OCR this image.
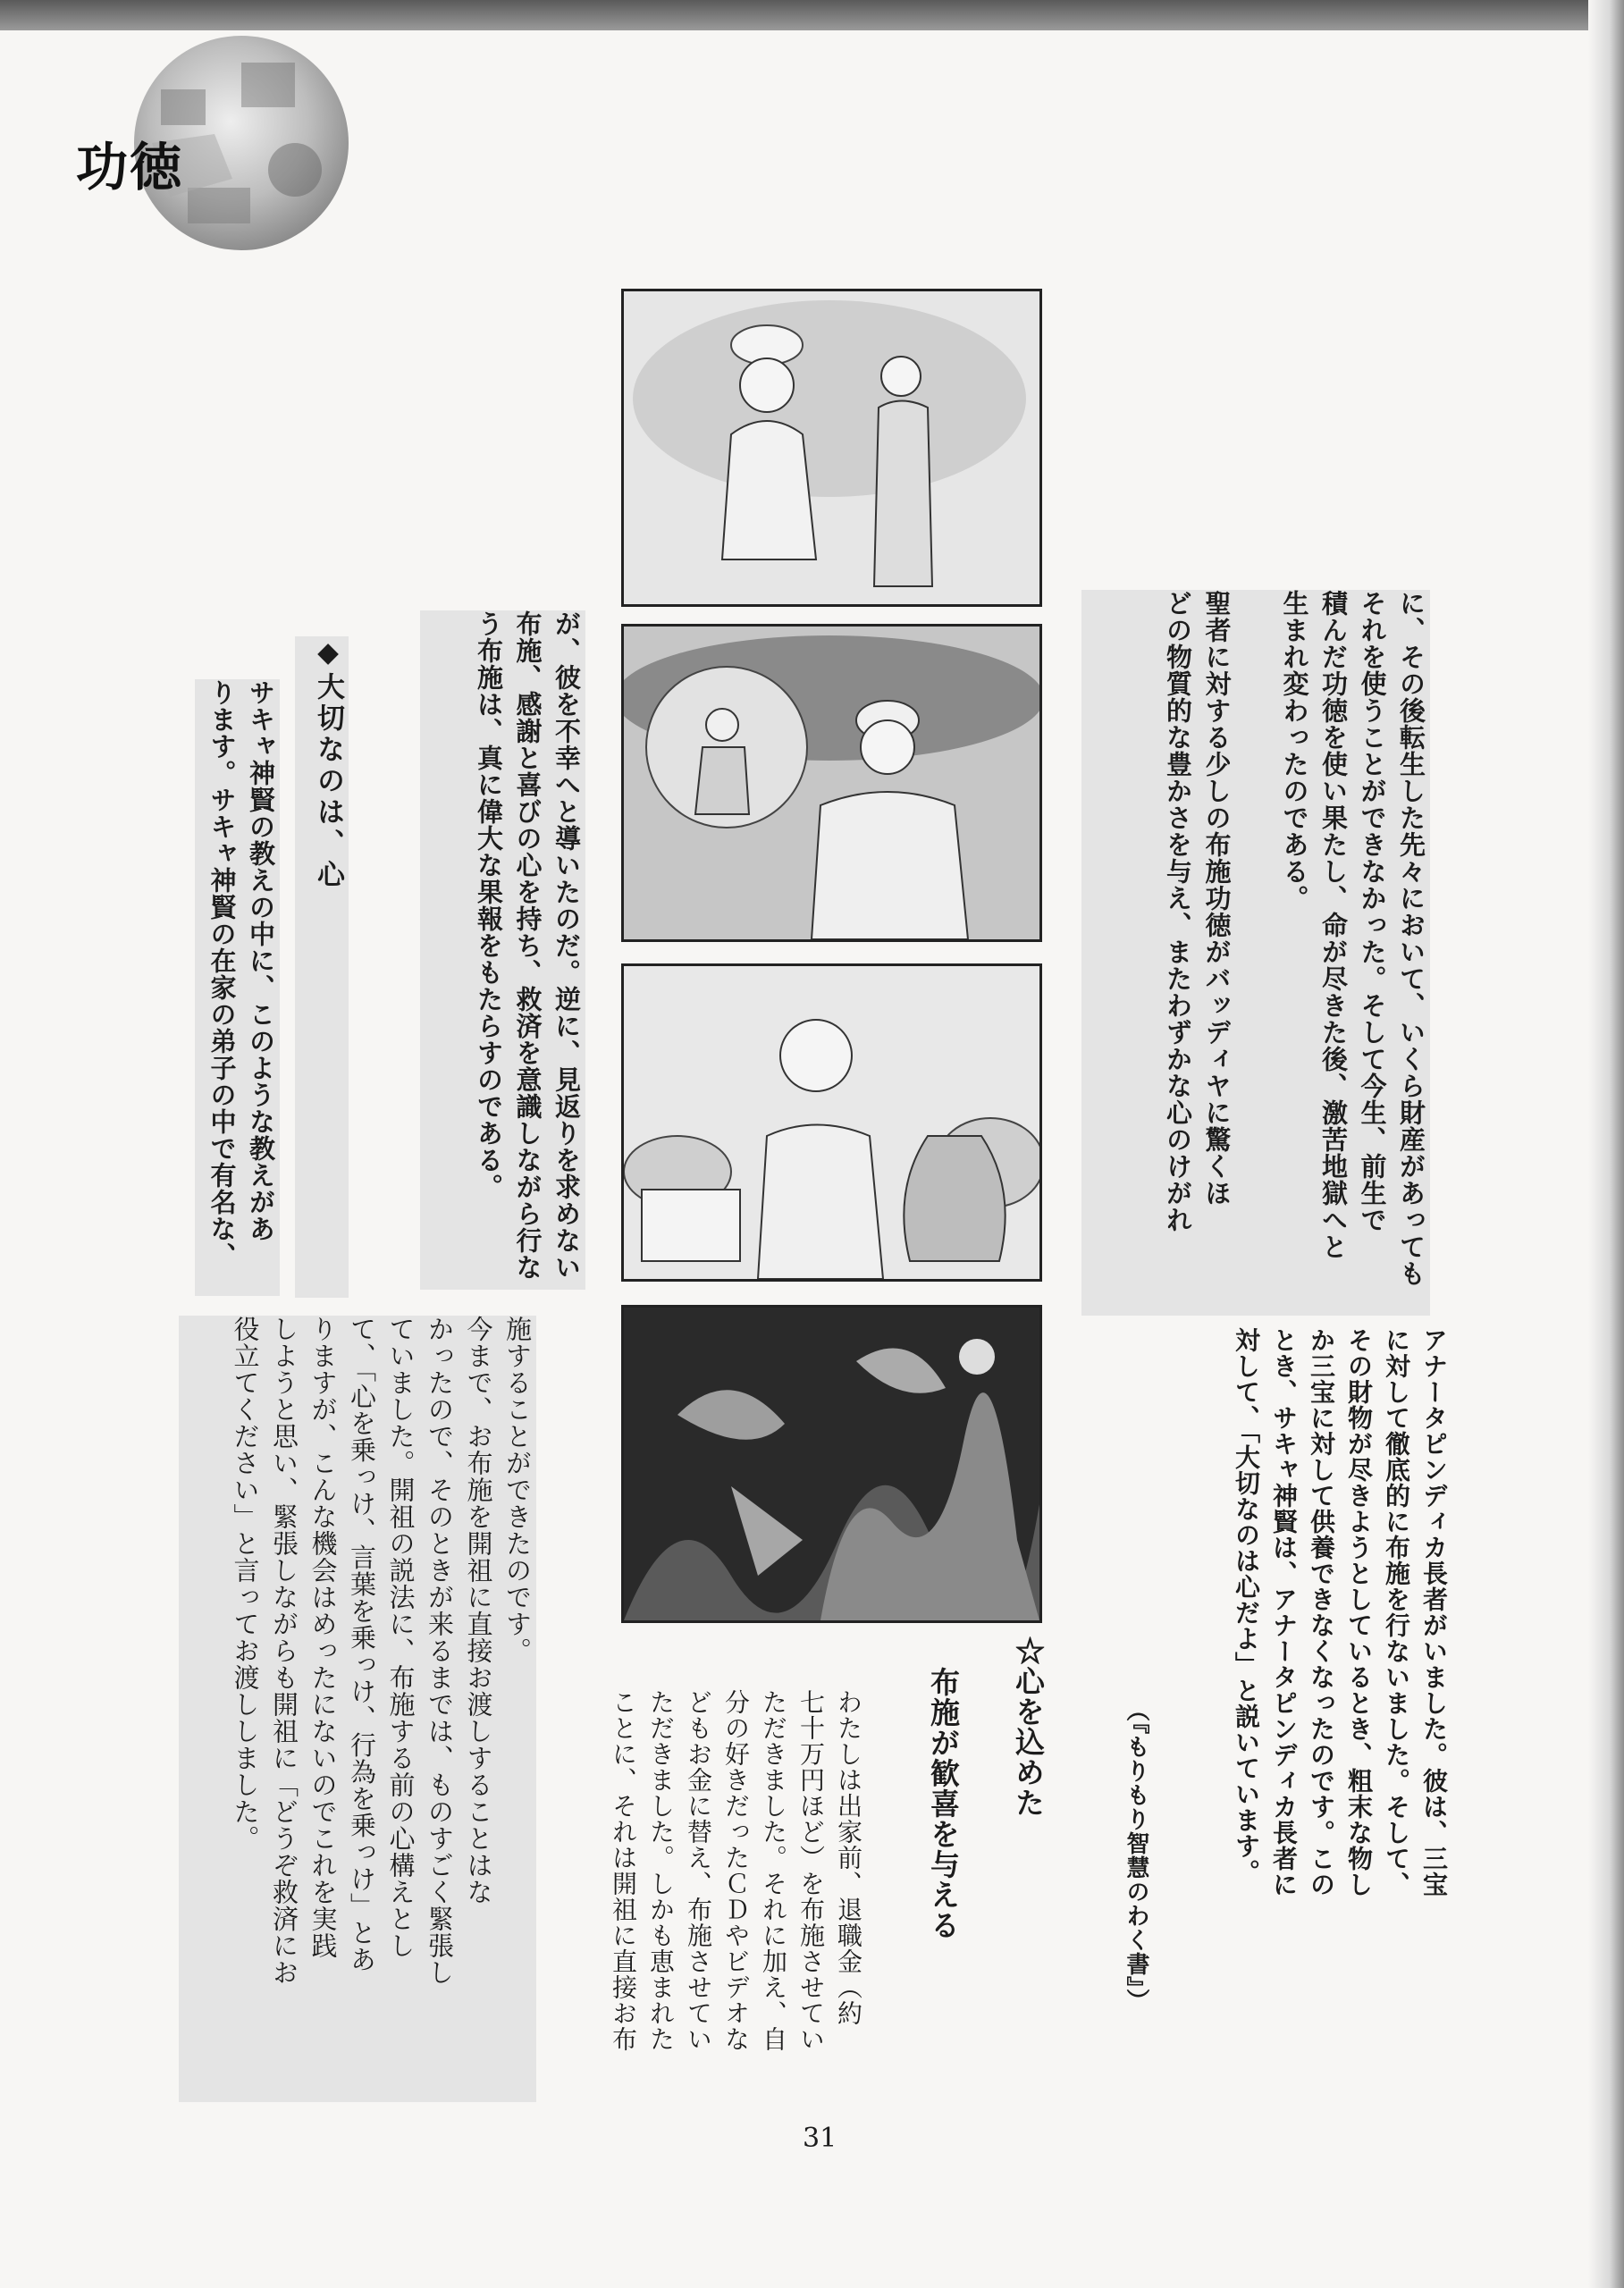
功徳
に、その後転生した先々において、いくら財産があっても
それを使うことができなかった。そして今生、前生で
積んだ功徳を使い果たし、命が尽きた後、激苦地獄へと
生まれ変わったのである。

聖者に対する少しの布施功徳がバッディヤに驚くほ
どの物質的な豊かさを与え、またわずかな心のけがれ
が、彼を不幸へと導いたのだ。逆に、見返りを求めない
布施、感謝と喜びの心を持ち、救済を意識しながら行な
う布施は、真に偉大な果報をもたらすのである。
◆大切なのは、心
サキャ神賢の教えの中に、このような教えがあ
ります。サキャ神賢の在家の弟子の中で有名な、
施することができたのです。
今まで、お布施を開祖に直接お渡しすることはな
かったので、そのときが来るまでは、ものすごく緊張し
ていました。開祖の説法に、布施する前の心構えとし
て、「心を乗っけ、言葉を乗っけ、行為を乗っけ」とあ
りますが、こんな機会はめったにないのでこれを実践
しようと思い、緊張しながらも開祖に「どうぞ救済にお
役立てください」と言ってお渡ししました。	アナータピンディカ長者がいました。彼は、三宝
に対して徹底的に布施を行ないました。そして、
その財物が尽きようとしているとき、粗末な物し
か三宝に対して供養できなくなったのです。この
とき、サキャ神賢は、アナータピンディカ長者に
対して、「大切なのは心だよ」と説いています。
（『もりもり智慧のわく書』）
☆心を込めた
布施が歓喜を与える
わたしは出家前、退職金（約
七十万円ほど）を布施させてい
ただきました。それに加え、自
分の好きだったＣＤやビデオな
どもお金に替え、布施させてい
ただきました。しかも恵まれた
ことに、それは開祖に直接お布
31
